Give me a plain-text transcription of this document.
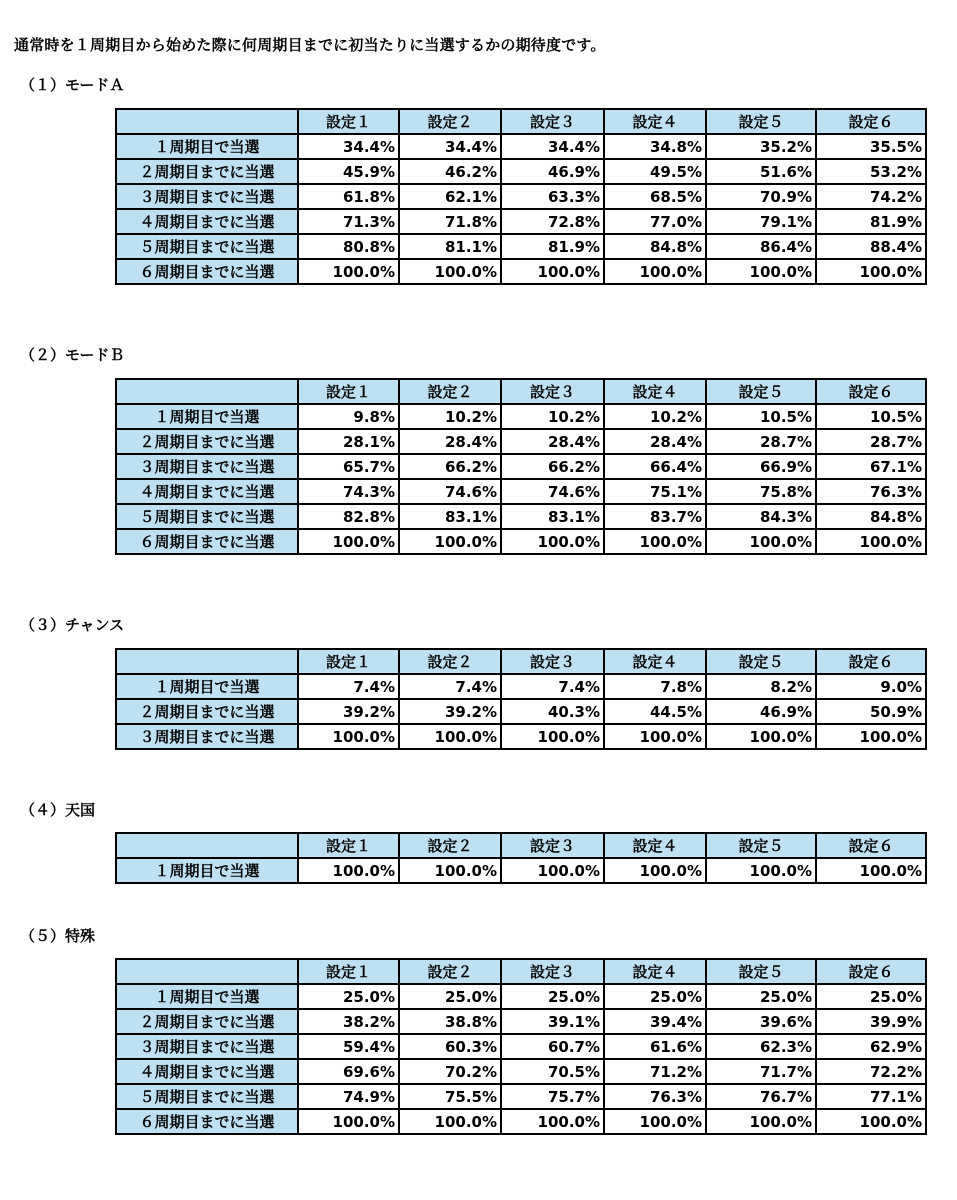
通常時を１周期目から始めた際に何周期目までに初当たりに当選するかの期待度です。
（１）モードＡ
	設定１	設定２	設定３	設定４	設定５	設定６
１周期目で当選	34.4%	34.4%	34.4%	34.8%	35.2%	35.5%
２周期目までに当選	45.9%	46.2%	46.9%	49.5%	51.6%	53.2%
３周期目までに当選	61.8%	62.1%	63.3%	68.5%	70.9%	74.2%
４周期目までに当選	71.3%	71.8%	72.8%	77.0%	79.1%	81.9%
５周期目までに当選	80.8%	81.1%	81.9%	84.8%	86.4%	88.4%
６周期目までに当選	100.0%	100.0%	100.0%	100.0%	100.0%	100.0%
（２）モードＢ
	設定１	設定２	設定３	設定４	設定５	設定６
１周期目で当選	9.8%	10.2%	10.2%	10.2%	10.5%	10.5%
２周期目までに当選	28.1%	28.4%	28.4%	28.4%	28.7%	28.7%
３周期目までに当選	65.7%	66.2%	66.2%	66.4%	66.9%	67.1%
４周期目までに当選	74.3%	74.6%	74.6%	75.1%	75.8%	76.3%
５周期目までに当選	82.8%	83.1%	83.1%	83.7%	84.3%	84.8%
６周期目までに当選	100.0%	100.0%	100.0%	100.0%	100.0%	100.0%
（３）チャンス
	設定１	設定２	設定３	設定４	設定５	設定６
１周期目で当選	7.4%	7.4%	7.4%	7.8%	8.2%	9.0%
２周期目までに当選	39.2%	39.2%	40.3%	44.5%	46.9%	50.9%
３周期目までに当選	100.0%	100.0%	100.0%	100.0%	100.0%	100.0%
（４）天国
	設定１	設定２	設定３	設定４	設定５	設定６
１周期目で当選	100.0%	100.0%	100.0%	100.0%	100.0%	100.0%
（５）特殊
	設定１	設定２	設定３	設定４	設定５	設定６
１周期目で当選	25.0%	25.0%	25.0%	25.0%	25.0%	25.0%
２周期目までに当選	38.2%	38.8%	39.1%	39.4%	39.6%	39.9%
３周期目までに当選	59.4%	60.3%	60.7%	61.6%	62.3%	62.9%
４周期目までに当選	69.6%	70.2%	70.5%	71.2%	71.7%	72.2%
５周期目までに当選	74.9%	75.5%	75.7%	76.3%	76.7%	77.1%
６周期目までに当選	100.0%	100.0%	100.0%	100.0%	100.0%	100.0%
